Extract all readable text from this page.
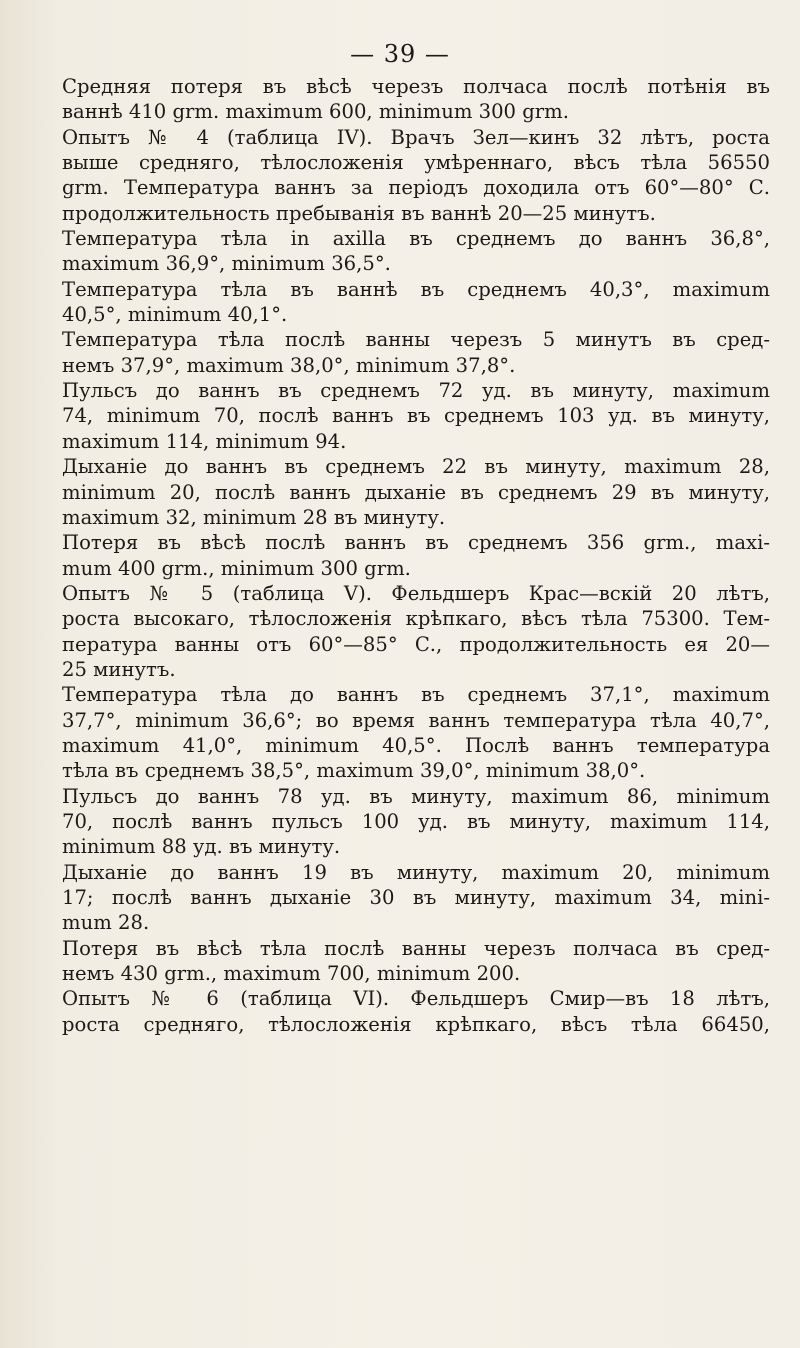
— 39 —
Средняя потеря въ вѣсѣ черезъ полчаса послѣ потѣнія въ
ваннѣ 410 grm. maximum 600, minimum 300 grm.
Опытъ № 4 (таблица IV). Врачъ Зел—кинъ 32 лѣтъ, роста
выше средняго, тѣлосложенія умѣреннаго, вѣсъ тѣла 56550
grm. Температура ваннъ за періодъ доходила отъ 60°—80° С.
продолжительность пребыванія въ ваннѣ 20—25 минутъ.
Температура тѣла in axilla въ среднемъ до ваннъ 36,8°,
maximum 36,9°, minimum 36,5°.
Температура тѣла въ ваннѣ въ среднемъ 40,3°, maximum
40,5°, minimum 40,1°.
Температура тѣла послѣ ванны черезъ 5 минутъ въ сред-
немъ 37,9°, maximum 38,0°, minimum 37,8°.
Пульсъ до ваннъ въ среднемъ 72 уд. въ минуту, maximum
74, minimum 70, послѣ ваннъ въ среднемъ 103 уд. въ минуту,
maximum 114, minimum 94.
Дыханіе до ваннъ въ среднемъ 22 въ минуту, maximum 28,
minimum 20, послѣ ваннъ дыханіе въ среднемъ 29 въ минуту,
maximum 32, minimum 28 въ минуту.
Потеря въ вѣсѣ послѣ ваннъ въ среднемъ 356 grm., maxi-
mum 400 grm., minimum 300 grm.
Опытъ № 5 (таблица V). Фельдшеръ Крас—вскій 20 лѣтъ,
роста высокаго, тѣлосложенія крѣпкаго, вѣсъ тѣла 75300. Тем-
пература ванны отъ 60°—85° С., продолжительность ея 20—
25 минутъ.
Температура тѣла до ваннъ въ среднемъ 37,1°, maximum
37,7°, minimum 36,6°; во время ваннъ температура тѣла 40,7°,
maximum 41,0°, minimum 40,5°. Послѣ ваннъ температура
тѣла въ среднемъ 38,5°, maximum 39,0°, minimum 38,0°.
Пульсъ до ваннъ 78 уд. въ минуту, maximum 86, minimum
70, послѣ ваннъ пульсъ 100 уд. въ минуту, maximum 114,
minimum 88 уд. въ минуту.
Дыханіе до ваннъ 19 въ минуту, maximum 20, minimum
17; послѣ ваннъ дыханіе 30 въ минуту, maximum 34, mini-
mum 28.
Потеря въ вѣсѣ тѣла послѣ ванны черезъ полчаса въ сред-
немъ 430 grm., maximum 700, minimum 200.
Опытъ № 6 (таблица VI). Фельдшеръ Смир—въ 18 лѣтъ,
роста средняго, тѣлосложенія крѣпкаго, вѣсъ тѣла 66450,
